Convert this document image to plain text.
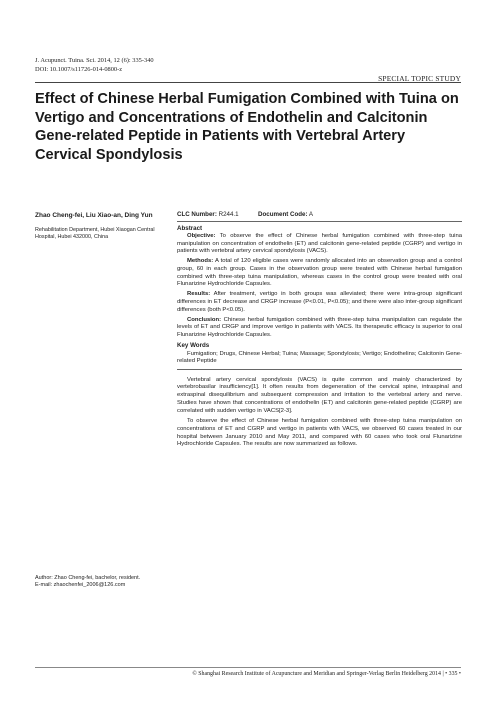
J. Acupunct. Tuina. Sci. 2014, 12 (6): 335-340
DOI: 10.1007/s11726-014-0800-z
SPECIAL TOPIC STUDY
Effect of Chinese Herbal Fumigation Combined with Tuina on Vertigo and Concentrations of Endothelin and Calcitonin Gene-related Peptide in Patients with Vertebral Artery Cervical Spondylosis

Zhao Cheng-fei, Liu Xiao-an, Ding Yun

Rehabilitation Department, Hubei Xiaogan Central Hospital, Hubei 432000, China

Author: Zhao Cheng-fei, bachelor, resident.
E-mail: zhaochenfei_2006@126.com
CLC Number: R244.1	Document Code: A
Abstract

Objective: To observe the effect of Chinese herbal fumigation combined with three-step tuina manipulation on concentration of endothelin (ET) and calcitonin gene-related peptide (CGRP) and vertigo in patients with vertebral artery cervical spondylosis (VACS).

Methods: A total of 120 eligible cases were randomly allocated into an observation group and a control group, 60 in each group. Cases in the observation group were treated with Chinese herbal fumigation combined with three-step tuina manipulation, whereas cases in the control group were treated with oral Flunarizine Hydrochloride Capsules.

Results: After treatment, vertigo in both groups was alleviated; there were intra-group significant differences in ET decrease and CRGP increase (P<0.01, P<0.05); and there were also inter-group significant differences (both P<0.05).

Conclusion: Chinese herbal fumigation combined with three-step tuina manipulation can regulate the levels of ET and CRGP and improve vertigo in patients with VACS. Its therapeutic efficacy is superior to oral Flunarizine Hydrochloride Capsules.

Key Words

Fumigation; Drugs, Chinese Herbal; Tuina; Massage; Spondylosis; Vertigo; Endothelins; Calcitonin Gene-related Peptide

Vertebral artery cervical spondylosis (VACS) is quite common and mainly characterized by vertebrobasilar insufficiency[1]. It often results from degeneration of the cervical spine, intraspinal and extraspinal disequilibrium and subsequent compression and irritation to the vertebral artery and nerve. Studies have shown that concentrations of endothelin (ET) and calcitonin gene-related peptide (CGRP) are correlated with sudden vertigo in VACS[2-3].

To observe the effect of Chinese herbal fumigation combined with three-step tuina manipulation on concentrations of ET and CGRP and vertigo in patients with VACS, we observed 60 cases treated in our hospital between January 2010 and May 2011, and compared with 60 cases who took oral Flunarizine Hydrochloride Capsules. The results are now summarized as follows.

© Shanghai Research Institute of Acupuncture and Meridian and Springer-Verlag Berlin Heidelberg 2014 | • 335 •
